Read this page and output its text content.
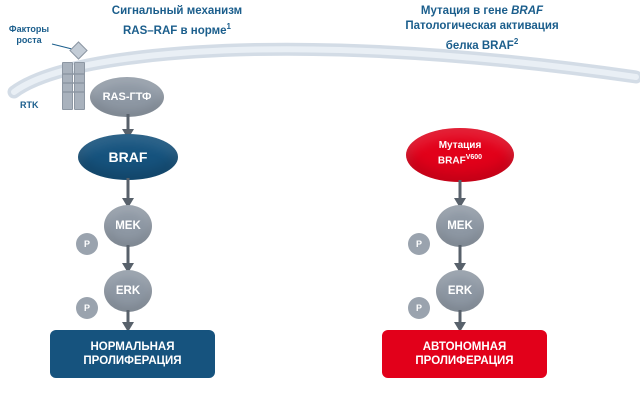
Сигнальный механизм
RAS–RAF в норме$^1$
Мутация в гене BRAF
Патологическая активация
белка BRAF$^2$
Факторы
роста
RTK
RAS-ГТФ
BRAF
MEK
P
ERK
P
НОРМАЛЬНАЯ
ПРОЛИФЕРАЦИЯ
Мутация
$BRAF^{V600}$
MEK
P
ERK
P
АВТОНОМНАЯ
ПРОЛИФЕРАЦИЯ
